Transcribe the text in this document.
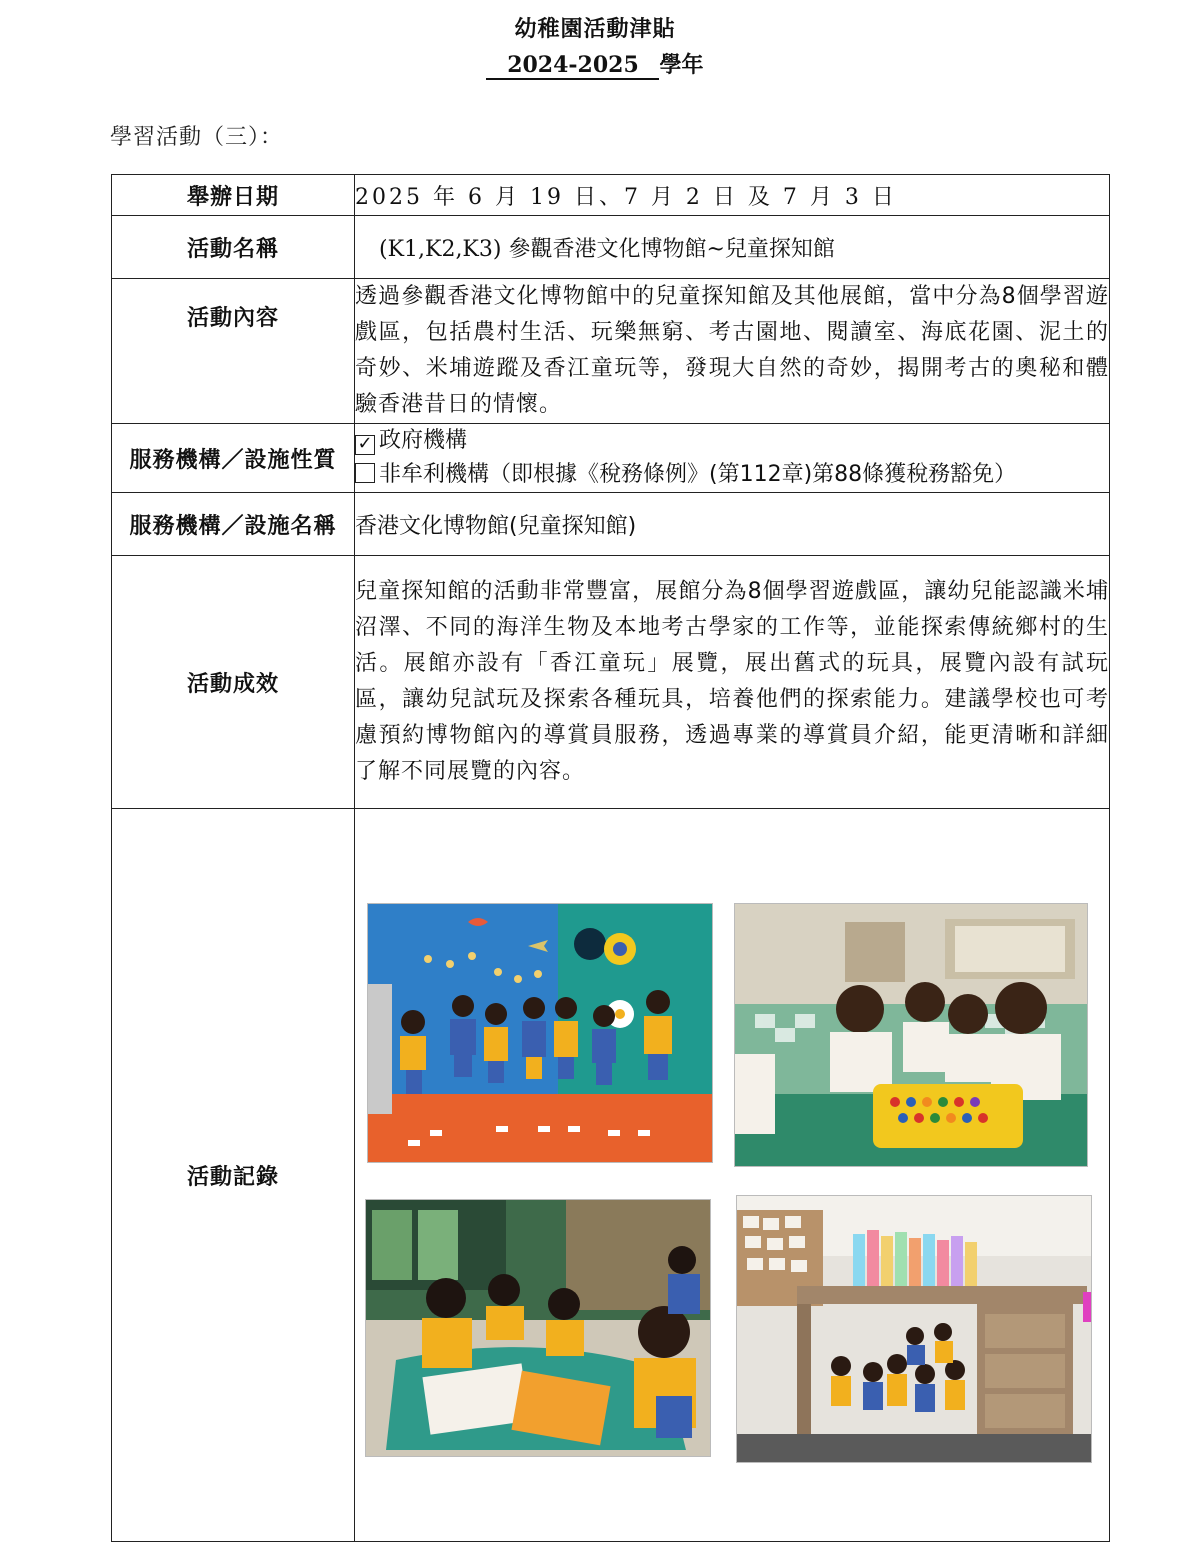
幼稚園活動津貼
2024-2025 學年
學習活動（三）：
舉辦日期	2025 年 6 月 19 日、7 月 2 日 及 7 月 3 日
活動名稱	(K1,K2,K3) 參觀香港文化博物館~兒童探知館
活動內容	透過參觀香港文化博物館中的兒童探知館及其他展館，當中分為8個學習遊戲區，包括農村生活、玩樂無窮、考古園地、閱讀室、海底花園、泥土的奇妙、米埔遊蹤及香江童玩等，發現大自然的奇妙，揭開考古的奧秘和體驗香港昔日的情懷。

服務機構／設施性質	✓ 政府機構
非牟利機構（即根據《稅務條例》(第112章)第88條獲稅務豁免）

服務機構／設施名稱	香港文化博物館(兒童探知館)
活動成效	兒童探知館的活動非常豐富，展館分為8個學習遊戲區，讓幼兒能認識米埔沼澤、不同的海洋生物及本地考古學家的工作等，並能探索傳統鄉村的生活。展館亦設有「香江童玩」展覽，展出舊式的玩具，展覽內設有試玩區，讓幼兒試玩及探索各種玩具，培養他們的探索能力。建議學校也可考慮預約博物館內的導賞員服務，透過專業的導賞員介紹，能更清晰和詳細了解不同展覽的內容。

活動記錄	
